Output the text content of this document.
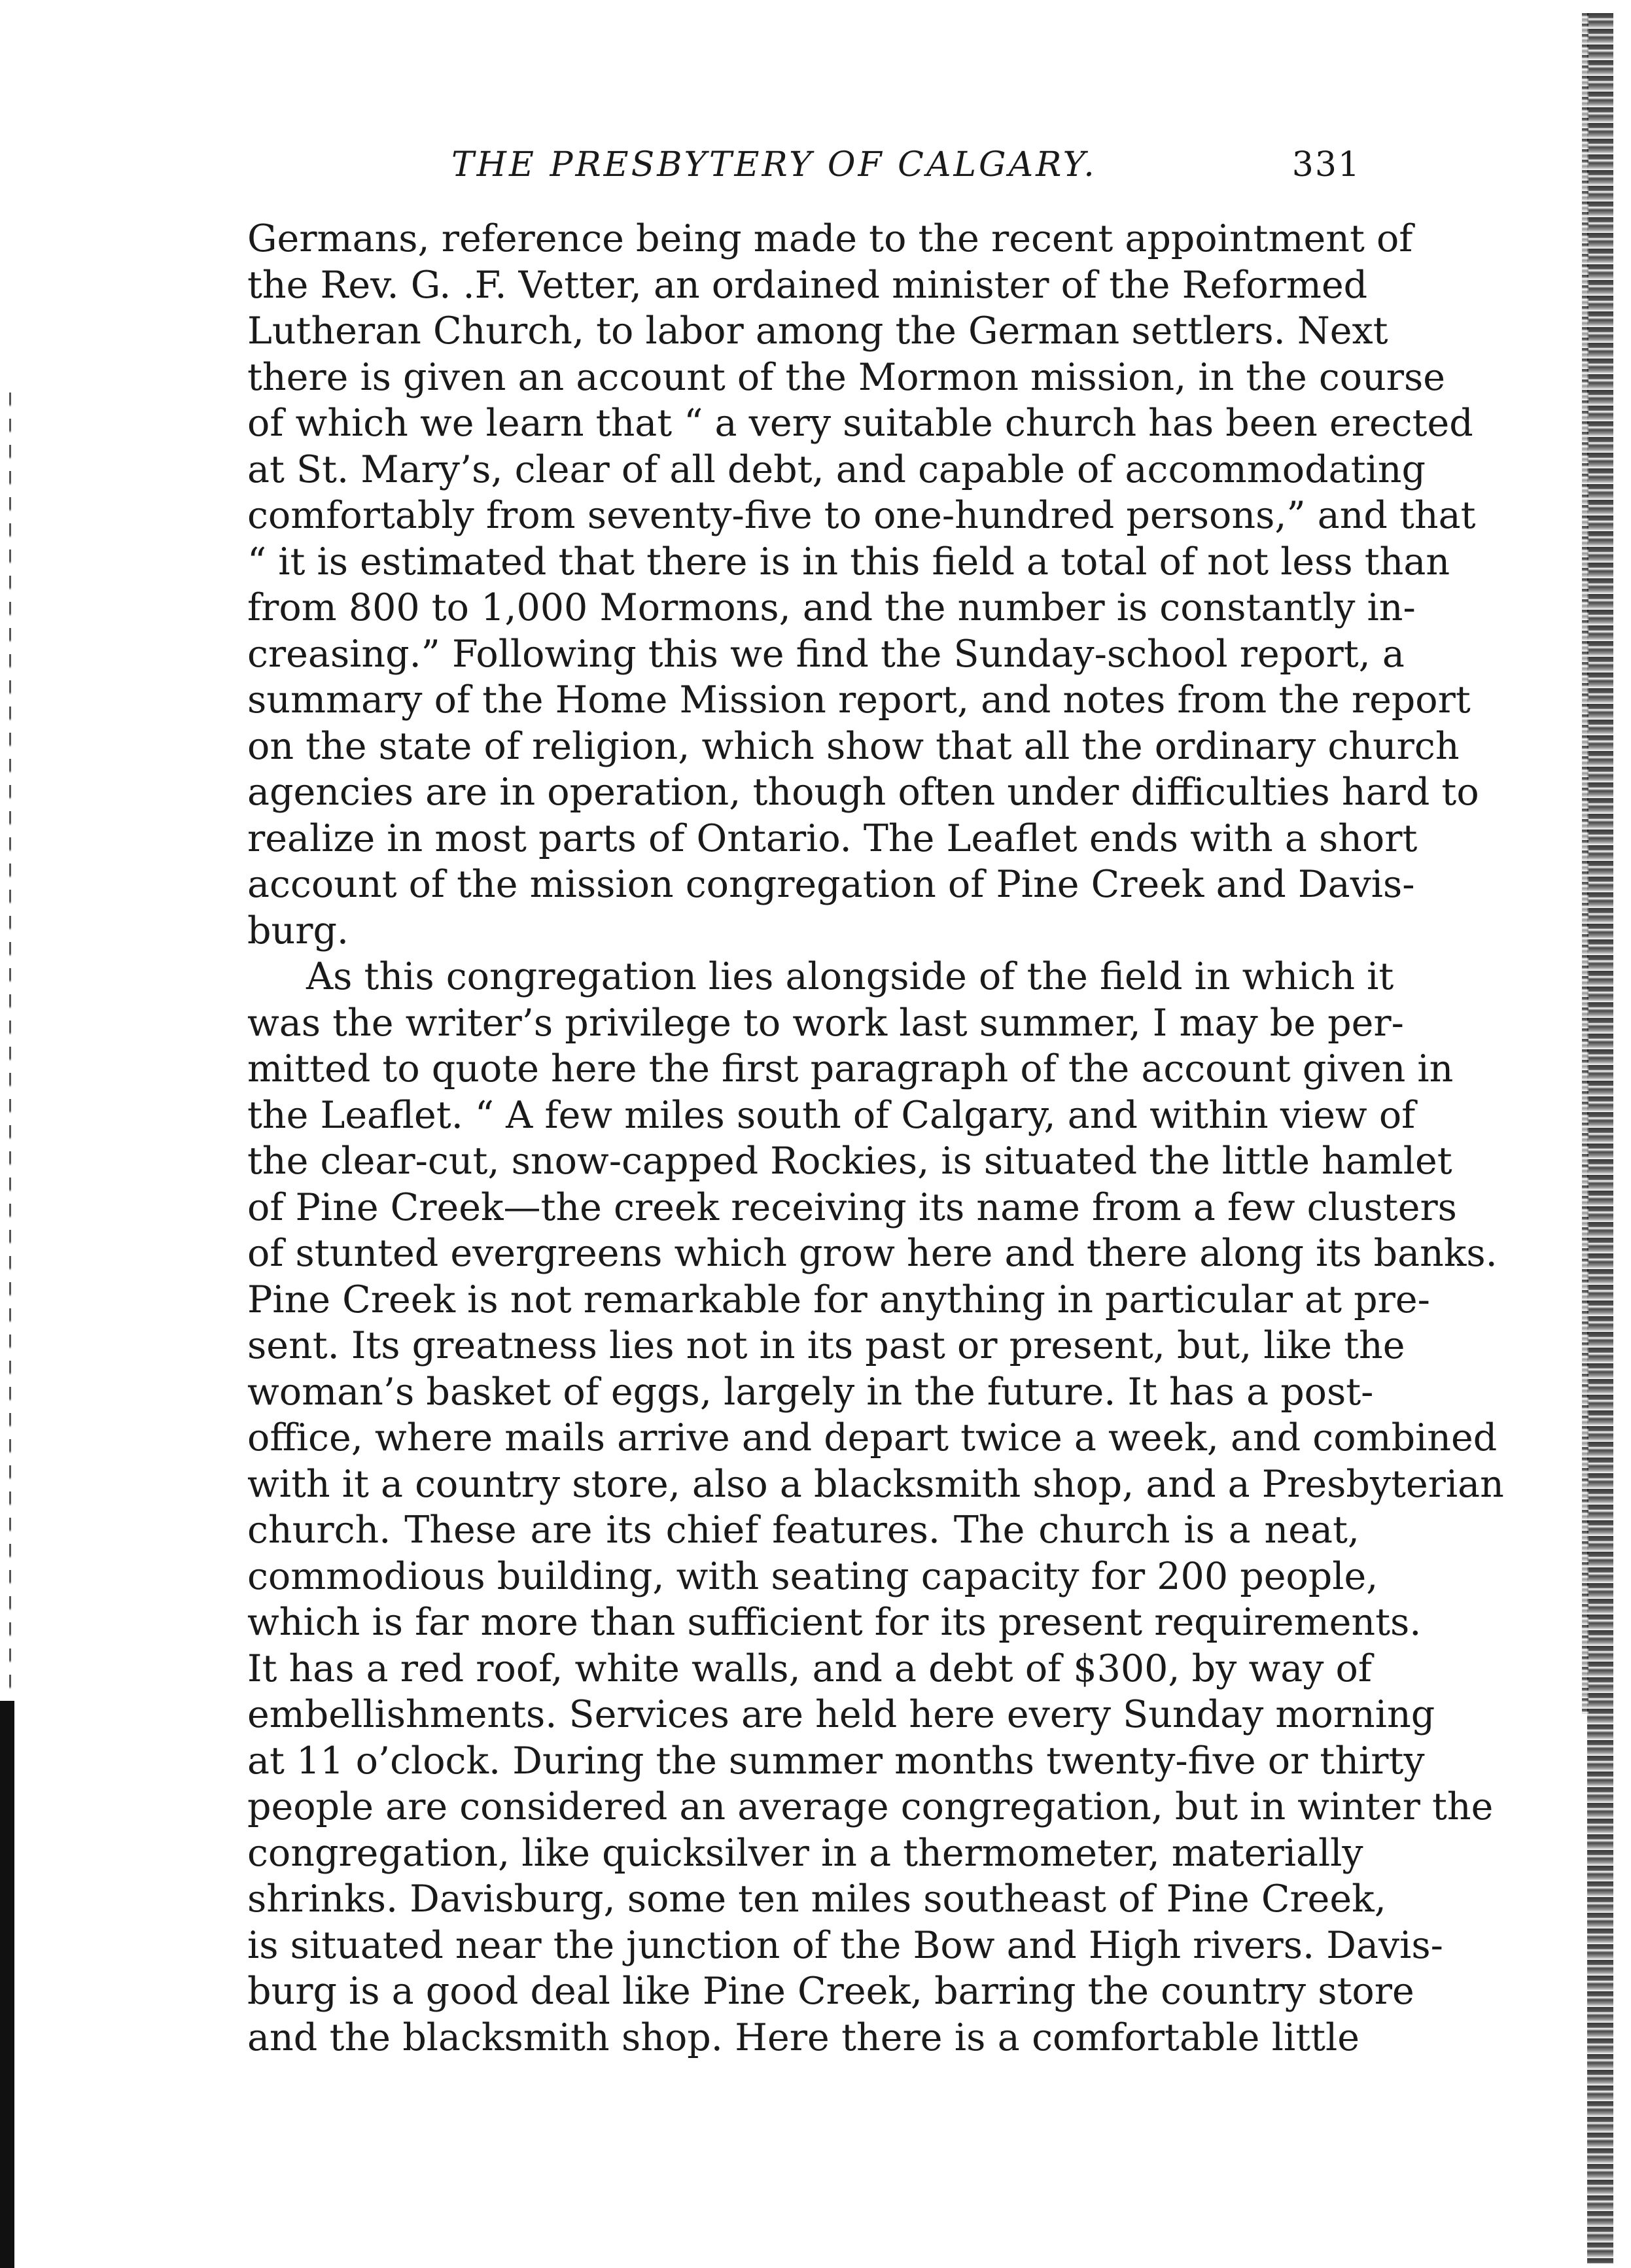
THE PRESBYTERY OF CALGARY.	331
Germans, reference being made to the recent appointment of
the Rev. G. .F. Vetter, an ordained minister of the Reformed
Lutheran Church, to labor among the German settlers. Next
there is given an account of the Mormon mission, in the course
of which we learn that “ a very suitable church has been erected
at St. Mary’s, clear of all debt, and capable of accommodating
comfortably from seventy-five to one-hundred persons,” and that
“ it is estimated that there is in this field a total of not less than
from 800 to 1,000 Mormons, and the number is constantly in-
creasing.” Following this we find the Sunday-school report, a
summary of the Home Mission report, and notes from the report
on the state of religion, which show that all the ordinary church
agencies are in operation, though often under difficulties hard to
realize in most parts of Ontario. The Leaflet ends with a short
account of the mission congregation of Pine Creek and Davis-
burg.
As this congregation lies alongside of the field in which it
was the writer’s privilege to work last summer, I may be per-
mitted to quote here the first paragraph of the account given in
the Leaflet. “ A few miles south of Calgary, and within view of
the clear-cut, snow-capped Rockies, is situated the little hamlet
of Pine Creek—the creek receiving its name from a few clusters
of stunted evergreens which grow here and there along its banks.
Pine Creek is not remarkable for anything in particular at pre-
sent. Its greatness lies not in its past or present, but, like the
woman’s basket of eggs, largely in the future. It has a post-
office, where mails arrive and depart twice a week, and combined
with it a country store, also a blacksmith shop, and a Presbyterian
church. These are its chief features. The church is a neat,
commodious building, with seating capacity for 200 people,
which is far more than sufficient for its present requirements.
It has a red roof, white walls, and a debt of $300, by way of
embellishments. Services are held here every Sunday morning
at 11 o’clock. During the summer months twenty-five or thirty
people are considered an average congregation, but in winter the
congregation, like quicksilver in a thermometer, materially
shrinks. Davisburg, some ten miles southeast of Pine Creek,
is situated near the junction of the Bow and High rivers. Davis-
burg is a good deal like Pine Creek, barring the country store
and the blacksmith shop. Here there is a comfortable little
